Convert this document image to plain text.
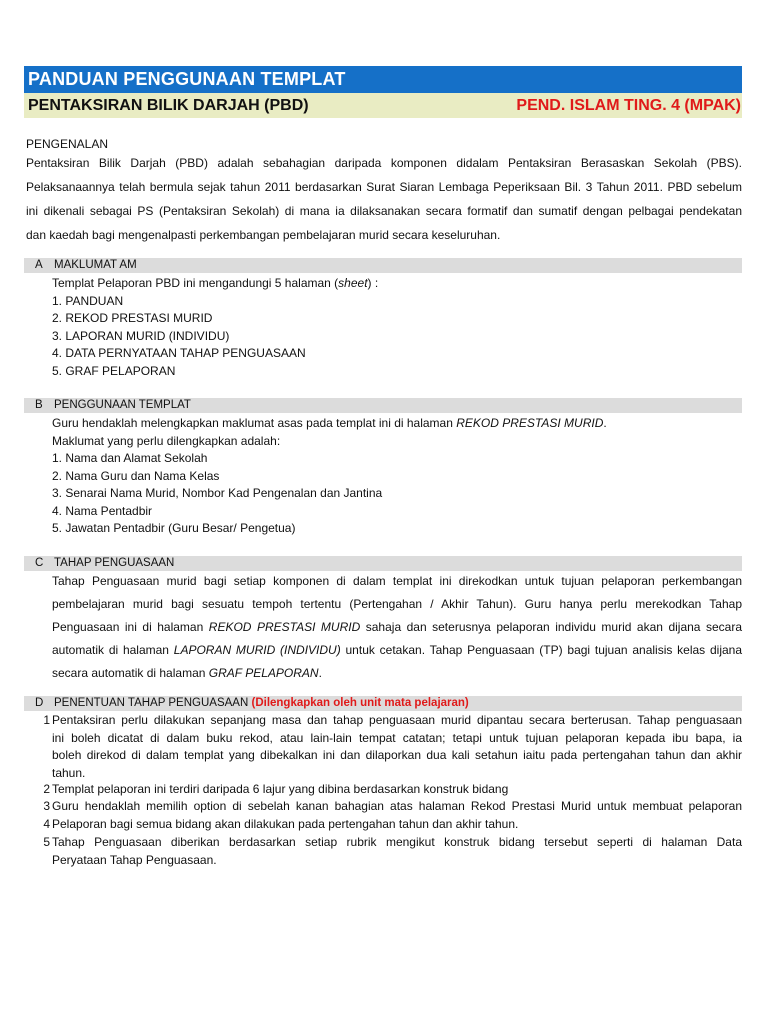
PANDUAN PENGGUNAAN TEMPLAT
PENTAKSIRAN BILIK DARJAH (PBD)	PEND. ISLAM TING. 4 (MPAK)
PENGENALAN
Pentaksiran Bilik Darjah (PBD) adalah sebahagian daripada komponen didalam Pentaksiran Berasaskan Sekolah (PBS).
Pelaksanaannya telah bermula sejak tahun 2011 berdasarkan Surat Siaran Lembaga Peperiksaan Bil. 3 Tahun 2011. PBD sebelum
ini dikenali sebagai PS (Pentaksiran Sekolah) di mana ia dilaksanakan secara formatif dan sumatif dengan pelbagai pendekatan
dan kaedah bagi mengenalpasti perkembangan pembelajaran murid secara keseluruhan.
A MAKLUMAT AM
Templat Pelaporan PBD ini mengandungi 5 halaman (sheet) :
1. PANDUAN
2. REKOD PRESTASI MURID
3. LAPORAN MURID (INDIVIDU)
4. DATA PERNYATAAN TAHAP PENGUASAAN
5. GRAF PELAPORAN
B PENGGUNAAN TEMPLAT
Guru hendaklah melengkapkan maklumat asas pada templat ini di halaman REKOD PRESTASI MURID.
Maklumat yang perlu dilengkapkan adalah:
1. Nama dan Alamat Sekolah
2. Nama Guru dan Nama Kelas
3. Senarai Nama Murid, Nombor Kad Pengenalan dan Jantina
4. Nama Pentadbir
5. Jawatan Pentadbir (Guru Besar/ Pengetua)
C TAHAP PENGUASAAN
Tahap Penguasaan murid bagi setiap komponen di dalam templat ini direkodkan untuk tujuan pelaporan perkembangan
pembelajaran murid bagi sesuatu tempoh tertentu (Pertengahan / Akhir Tahun). Guru hanya perlu merekodkan Tahap
Penguasaan ini di halaman REKOD PRESTASI MURID sahaja dan seterusnya pelaporan individu murid akan dijana secara
automatik di halaman LAPORAN MURID (INDIVIDU) untuk cetakan. Tahap Penguasaan (TP) bagi tujuan analisis kelas dijana
secara automatik di halaman GRAF PELAPORAN.
D PENENTUAN TAHAP PENGUASAAN (Dilengkapkan oleh unit mata pelajaran)
1 Pentaksiran perlu dilakukan sepanjang masa dan tahap penguasaan murid dipantau secara berterusan. Tahap penguasaan
ini boleh dicatat di dalam buku rekod, atau lain-lain tempat catatan; tetapi untuk tujuan pelaporan kepada ibu bapa, ia
boleh direkod di dalam templat yang dibekalkan ini dan dilaporkan dua kali setahun iaitu pada pertengahan tahun dan akhir
tahun.
2 Templat pelaporan ini terdiri daripada 6 lajur yang dibina berdasarkan konstruk bidang
3 Guru hendaklah memilih option di sebelah kanan bahagian atas halaman Rekod Prestasi Murid untuk membuat pelaporan
4 Pelaporan bagi semua bidang akan dilakukan pada pertengahan tahun dan akhir tahun.
5 Tahap Penguasaan diberikan berdasarkan setiap rubrik mengikut konstruk bidang tersebut seperti di halaman Data
Peryataan Tahap Penguasaan.
